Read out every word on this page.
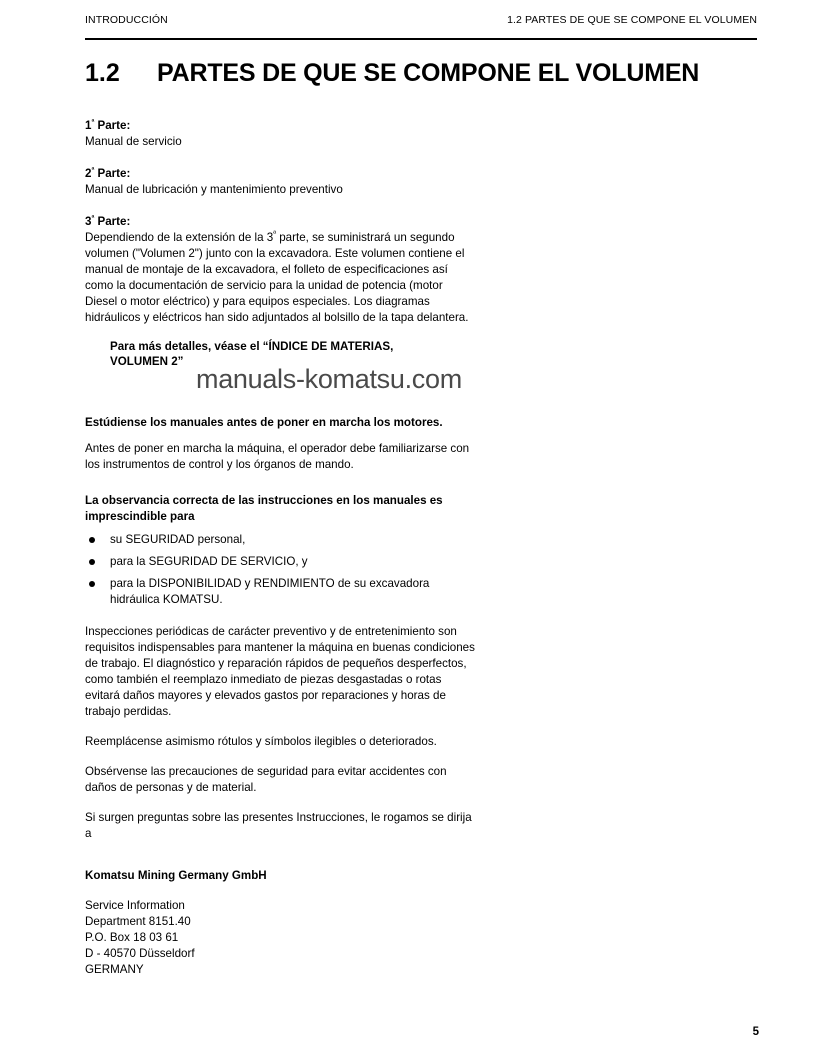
INTRODUCCIÓN	1.2 PARTES DE QUE SE COMPONE EL VOLUMEN
1.2	PARTES DE QUE SE COMPONE EL VOLUMEN
$1^ª$ Parte:
Manual de servicio
$2^ª$ Parte:
Manual de lubricación y mantenimiento preventivo
$3^ª$ Parte:

Dependiendo de la extensión de la $3^ª$ parte, se suministrará un segundo volumen ("Volumen 2") junto con la excavadora. Este volumen contiene el manual de montaje de la excavadora, el folleto de especificaciones así como la documentación de servicio para la unidad de potencia (motor Diesel o motor eléctrico) y para equipos especiales. Los diagramas hidráulicos y eléctricos han sido adjuntados al bolsillo de la tapa delantera.

Para más detalles, véase el “ÍNDICE DE MATERIAS,
VOLUMEN 2”
Estúdiense los manuales antes de poner en marcha los motores.

Antes de poner en marcha la máquina, el operador debe familiarizarse con los instrumentos de control y los órganos de mando.

La observancia correcta de las instrucciones en los manuales es imprescindible para
su SEGURIDAD personal,
para la SEGURIDAD DE SERVICIO, y
para la DISPONIBILIDAD y RENDIMIENTO de su excavadora hidráulica KOMATSU.

Inspecciones periódicas de carácter preventivo y de entretenimiento son requisitos indispensables para mantener la máquina en buenas condiciones de trabajo. El diagnóstico y reparación rápidos de pequeños desperfectos, como también el reemplazo inmediato de piezas desgastadas o rotas evitará daños mayores y elevados gastos por reparaciones y horas de trabajo perdidas.

Reemplácense asimismo rótulos y símbolos ilegibles o deteriorados.

Obsérvense las precauciones de seguridad para evitar accidentes con daños de personas y de material.

Si surgen preguntas sobre las presentes Instrucciones, le rogamos se dirija a

Komatsu Mining Germany GmbH
Service Information
Department 8151.40
P.O. Box 18 03 61
D - 40570 Düsseldorf
GERMANY
manuals-komatsu.com
5
